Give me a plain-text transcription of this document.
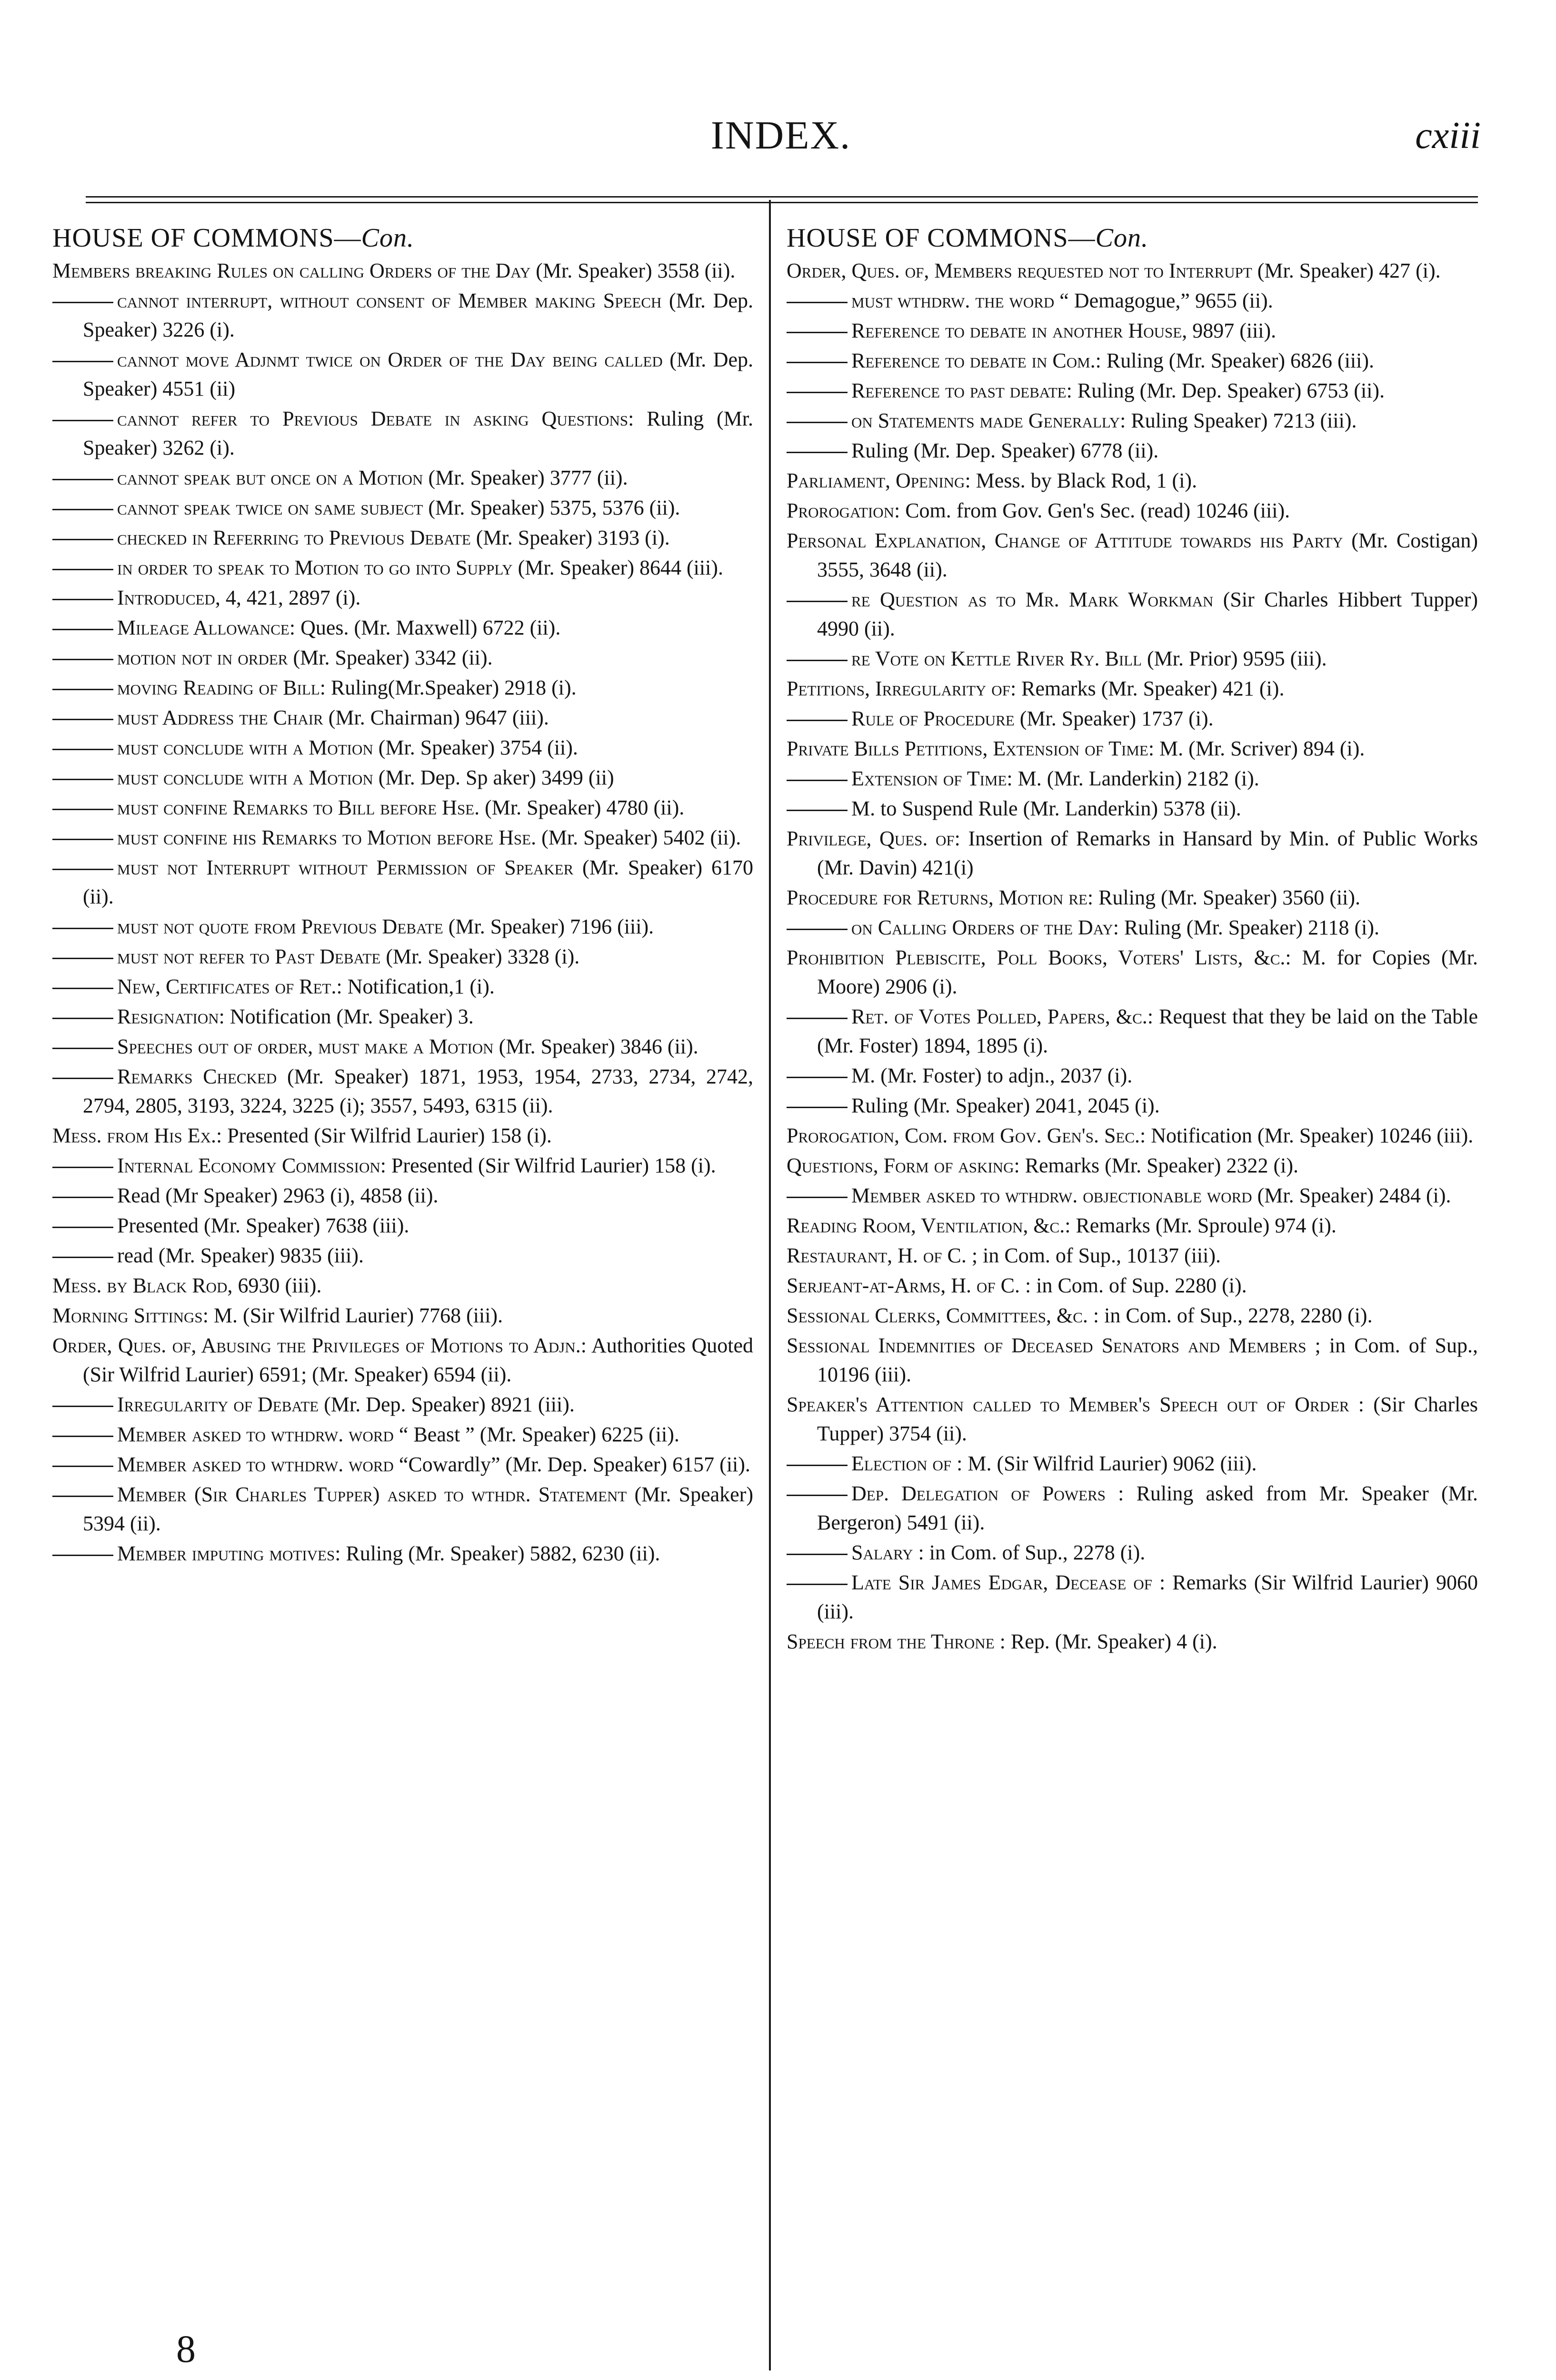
INDEX.	cxiii
HOUSE OF COMMONS—Con.
Members breaking Rules on calling Orders of the Day (Mr. Speaker) 3558 (ii).
cannot interrupt, without consent of Member making Speech (Mr. Dep. Speaker) 3226 (i).
cannot move Adjnmt twice on Order of the Day being called (Mr. Dep. Speaker) 4551 (ii)
cannot refer to Previous Debate in asking Questions: Ruling (Mr. Speaker) 3262 (i).
cannot speak but once on a Motion (Mr. Speaker) 3777 (ii).
cannot speak twice on same subject (Mr. Speaker) 5375, 5376 (ii).
checked in Referring to Previous Debate (Mr. Speaker) 3193 (i).
in order to speak to Motion to go into Supply (Mr. Speaker) 8644 (iii).
Introduced, 4, 421, 2897 (i).
Mileage Allowance: Ques. (Mr. Maxwell) 6722 (ii).
motion not in order (Mr. Speaker) 3342 (ii).
moving Reading of Bill: Ruling(Mr.Speaker) 2918 (i).
must Address the Chair (Mr. Chairman) 9647 (iii).
must conclude with a Motion (Mr. Speaker) 3754 (ii).
must conclude with a Motion (Mr. Dep. Sp aker) 3499 (ii)
must confine Remarks to Bill before Hse. (Mr. Speaker) 4780 (ii).
must confine his Remarks to Motion before Hse. (Mr. Speaker) 5402 (ii).
must not Interrupt without Permission of Speaker (Mr. Speaker) 6170 (ii).
must not quote from Previous Debate (Mr. Speaker) 7196 (iii).
must not refer to Past Debate (Mr. Speaker) 3328 (i).
New, Certificates of Ret.: Notification,1 (i).
Resignation: Notification (Mr. Speaker) 3.
Speeches out of order, must make a Motion (Mr. Speaker) 3846 (ii).
Remarks Checked (Mr. Speaker) 1871, 1953, 1954, 2733, 2734, 2742, 2794, 2805, 3193, 3224, 3225 (i); 3557, 5493, 6315 (ii).
Mess. from His Ex.: Presented (Sir Wilfrid Laurier) 158 (i).
Internal Economy Commission: Presented (Sir Wilfrid Laurier) 158 (i).
Read (Mr Speaker) 2963 (i), 4858 (ii).
Presented (Mr. Speaker) 7638 (iii).
read (Mr. Speaker) 9835 (iii).
Mess. by Black Rod, 6930 (iii).
Morning Sittings: M. (Sir Wilfrid Laurier) 7768 (iii).
Order, Ques. of, Abusing the Privileges of Motions to Adjn.: Authorities Quoted (Sir Wilfrid Laurier) 6591; (Mr. Speaker) 6594 (ii).
Irregularity of Debate (Mr. Dep. Speaker) 8921 (iii).
Member asked to wthdrw. word “ Beast ” (Mr. Speaker) 6225 (ii).
Member asked to wthdrw. word “Cowardly” (Mr. Dep. Speaker) 6157 (ii).
Member (Sir Charles Tupper) asked to wthdr. Statement (Mr. Speaker) 5394 (ii).
Member imputing motives: Ruling (Mr. Speaker) 5882, 6230 (ii).
HOUSE OF COMMONS—Con.
Order, Ques. of, Members requested not to Interrupt (Mr. Speaker) 427 (i).
must wthdrw. the word “ Demagogue,” 9655 (ii).
Reference to debate in another House, 9897 (iii).
Reference to debate in Com.: Ruling (Mr. Speaker) 6826 (iii).
Reference to past debate: Ruling (Mr. Dep. Speaker) 6753 (ii).
on Statements made Generally: Ruling Speaker) 7213 (iii).
Ruling (Mr. Dep. Speaker) 6778 (ii).
Parliament, Opening: Mess. by Black Rod, 1 (i).
Prorogation: Com. from Gov. Gen's Sec. (read) 10246 (iii).
Personal Explanation, Change of Attitude towards his Party (Mr. Costigan) 3555, 3648 (ii).
re Question as to Mr. Mark Workman (Sir Charles Hibbert Tupper) 4990 (ii).
re Vote on Kettle River Ry. Bill (Mr. Prior) 9595 (iii).
Petitions, Irregularity of: Remarks (Mr. Speaker) 421 (i).
Rule of Procedure (Mr. Speaker) 1737 (i).
Private Bills Petitions, Extension of Time: M. (Mr. Scriver) 894 (i).
Extension of Time: M. (Mr. Landerkin) 2182 (i).
M. to Suspend Rule (Mr. Landerkin) 5378 (ii).
Privilege, Ques. of: Insertion of Remarks in Hansard by Min. of Public Works (Mr. Davin) 421(i)
Procedure for Returns, Motion re: Ruling (Mr. Speaker) 3560 (ii).
on Calling Orders of the Day: Ruling (Mr. Speaker) 2118 (i).
Prohibition Plebiscite, Poll Books, Voters' Lists, &c.: M. for Copies (Mr. Moore) 2906 (i).
Ret. of Votes Polled, Papers, &c.: Request that they be laid on the Table (Mr. Foster) 1894, 1895 (i).
M. (Mr. Foster) to adjn., 2037 (i).
Ruling (Mr. Speaker) 2041, 2045 (i).
Prorogation, Com. from Gov. Gen's. Sec.: Notification (Mr. Speaker) 10246 (iii).
Questions, Form of asking: Remarks (Mr. Speaker) 2322 (i).
Member asked to wthdrw. objectionable word (Mr. Speaker) 2484 (i).
Reading Room, Ventilation, &c.: Remarks (Mr. Sproule) 974 (i).
Restaurant, H. of C. ; in Com. of Sup., 10137 (iii).
Serjeant-at-Arms, H. of C. : in Com. of Sup. 2280 (i).
Sessional Clerks, Committees, &c. : in Com. of Sup., 2278, 2280 (i).
Sessional Indemnities of Deceased Senators and Members ; in Com. of Sup., 10196 (iii).
Speaker's Attention called to Member's Speech out of Order : (Sir Charles Tupper) 3754 (ii).
Election of : M. (Sir Wilfrid Laurier) 9062 (iii).
Dep. Delegation of Powers : Ruling asked from Mr. Speaker (Mr. Bergeron) 5491 (ii).
Salary : in Com. of Sup., 2278 (i).
Late Sir James Edgar, Decease of : Remarks (Sir Wilfrid Laurier) 9060 (iii).
Speech from the Throne : Rep. (Mr. Speaker) 4 (i).
8
